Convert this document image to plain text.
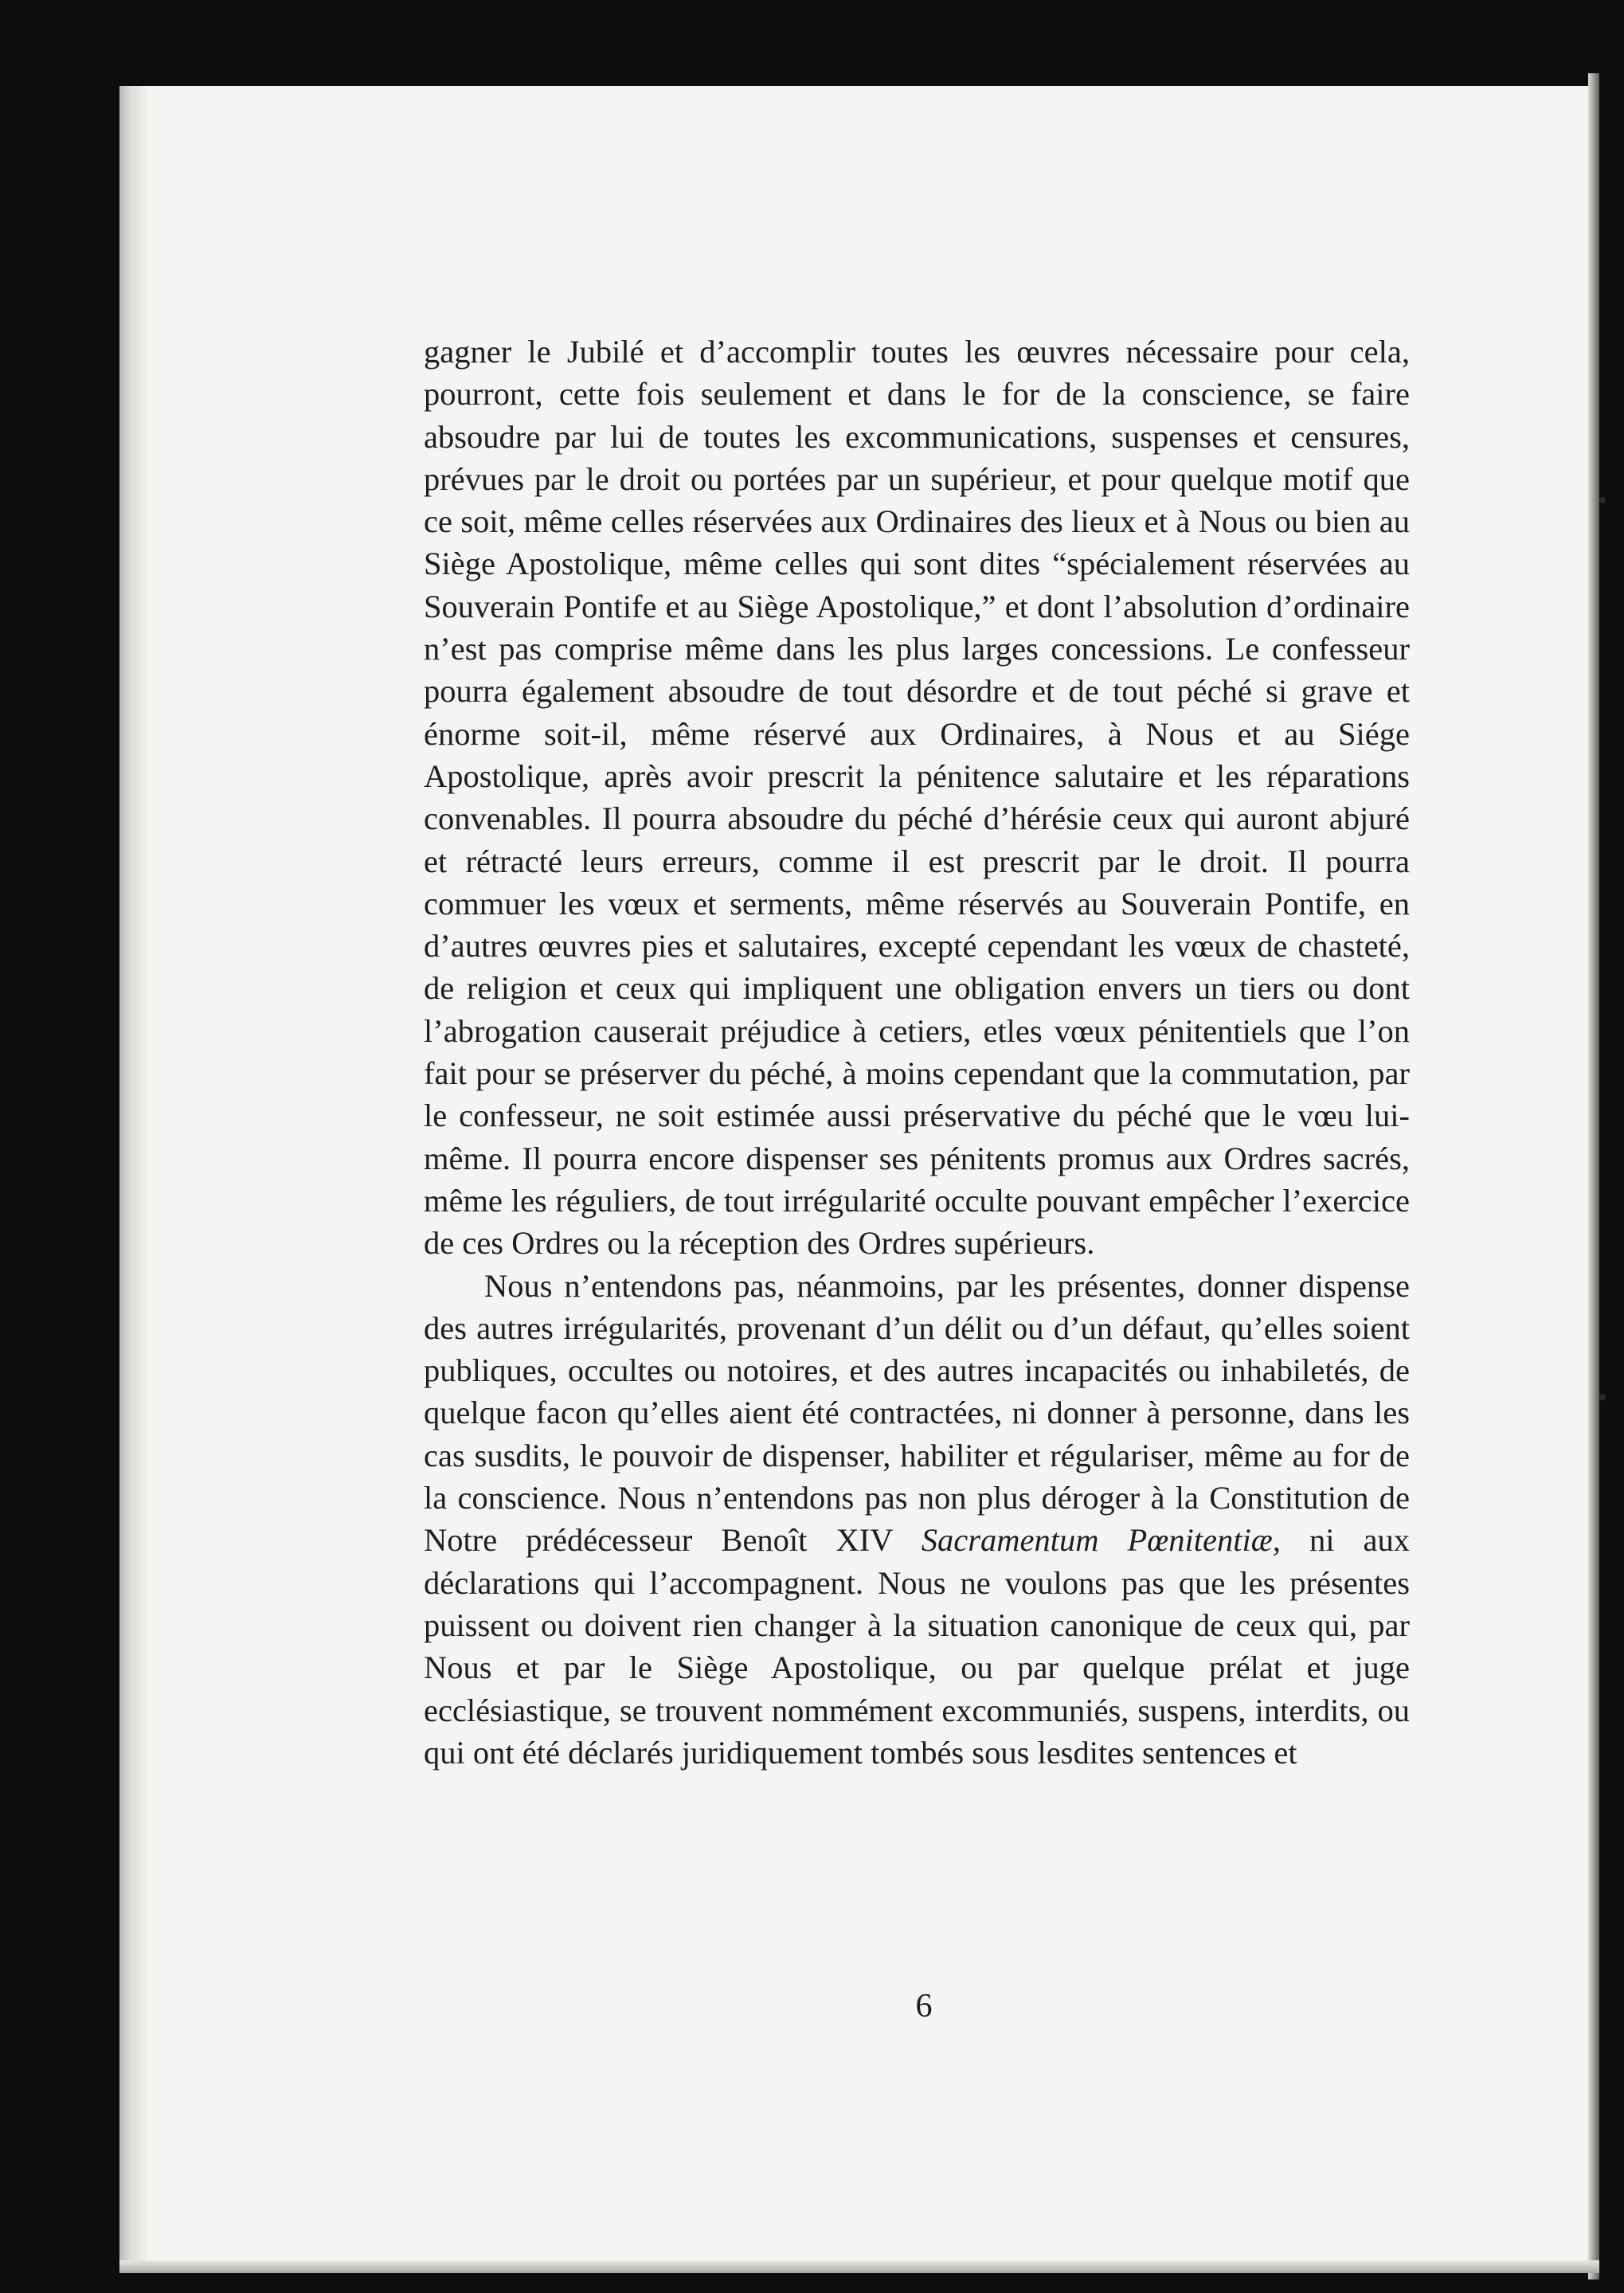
gagner le Jubilé et d’accomplir toutes les œuvres nécessaire pour cela, pourront, cette fois seulement et dans le for de la conscience, se faire absoudre par lui de toutes les excommunications, suspenses et censures, prévues par le droit ou portées par un supérieur, et pour quelque motif que ce soit, même celles réservées aux Ordinaires des lieux et à Nous ou bien au Siège Apostolique, même celles qui sont dites “spécialement réservées au Souverain Pontife et au Siège Apostolique,” et dont l’absolution d’ordinaire n’est pas comprise même dans les plus larges concessions. Le confesseur pourra également absoudre de tout désordre et de tout péché si grave et énorme soit-il, même réservé aux Ordinaires, à Nous et au Siége Apostolique, après avoir prescrit la pénitence salutaire et les réparations convenables. Il pourra absoudre du péché d’hérésie ceux qui auront abjuré et rétracté leurs erreurs, comme il est prescrit par le droit. Il pourra commuer les vœux et serments, même réservés au Souverain Pontife, en d’autres œuvres pies et salutaires, excepté cependant les vœux de chasteté, de religion et ceux qui impliquent une obligation envers un tiers ou dont l’abrogation causerait préjudice à cetiers, etles vœux pénitentiels que l’on fait pour se préserver du péché, à moins cependant que la commutation, par le confesseur, ne soit estimée aussi préservative du péché que le vœu lui-même. Il pourra encore dispenser ses pénitents promus aux Ordres sacrés, même les réguliers, de tout irrégularité occulte pouvant empêcher l’exercice de ces Ordres ou la réception des Ordres supérieurs.

Nous n’entendons pas, néanmoins, par les présentes, donner dispense des autres irrégularités, provenant d’un délit ou d’un défaut, qu’elles soient publiques, occultes ou notoires, et des autres incapacités ou inhabiletés, de quelque facon qu’elles aient été contractées, ni donner à personne, dans les cas susdits, le pouvoir de dispenser, habiliter et régulariser, même au for de la conscience. Nous n’entendons pas non plus déroger à la Constitution de Notre prédécesseur Benoît XIV Sacramentum Pœnitentiæ, ni aux déclarations qui l’accompagnent. Nous ne voulons pas que les présentes puissent ou doivent rien changer à la situation canonique de ceux qui, par Nous et par le Siège Apostolique, ou par quelque prélat et juge ecclésiastique, se trouvent nommément excommuniés, suspens, interdits, ou qui ont été déclarés juridiquement tombés sous lesdites sentences et

6
